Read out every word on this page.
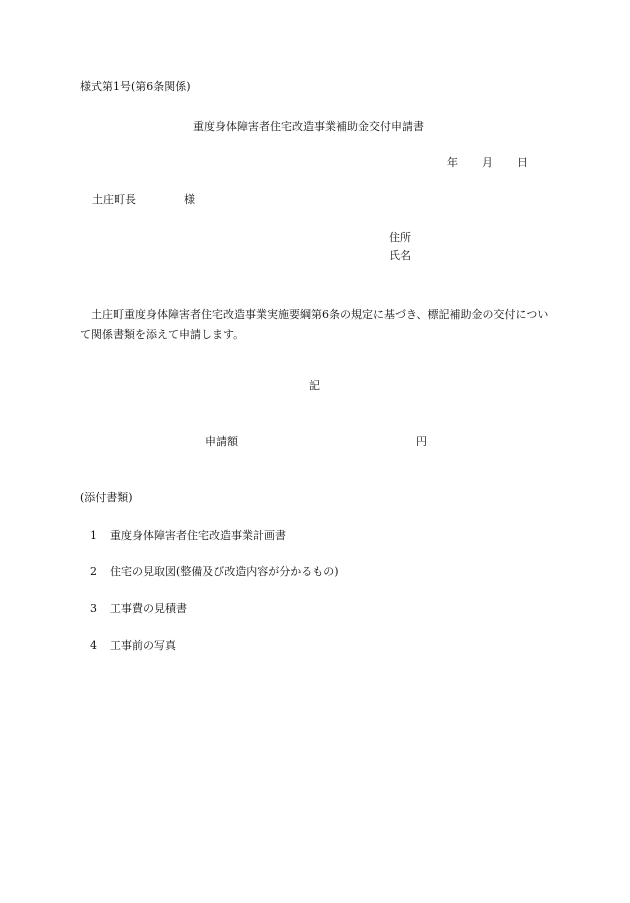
様式第1号(第6条関係)
重度身体障害者住宅改造事業補助金交付申請書
年 月 日
土庄町長	様
住所
氏名
土庄町重度身体障害者住宅改造事業実施要綱第6条の規定に基づき、標記補助金の交付について関係書類を添えて申請します。
記
申請額	円
(添付書類)
1 重度身体障害者住宅改造事業計画書
2 住宅の見取図(整備及び改造内容が分かるもの)
3 工事費の見積書
4 工事前の写真
